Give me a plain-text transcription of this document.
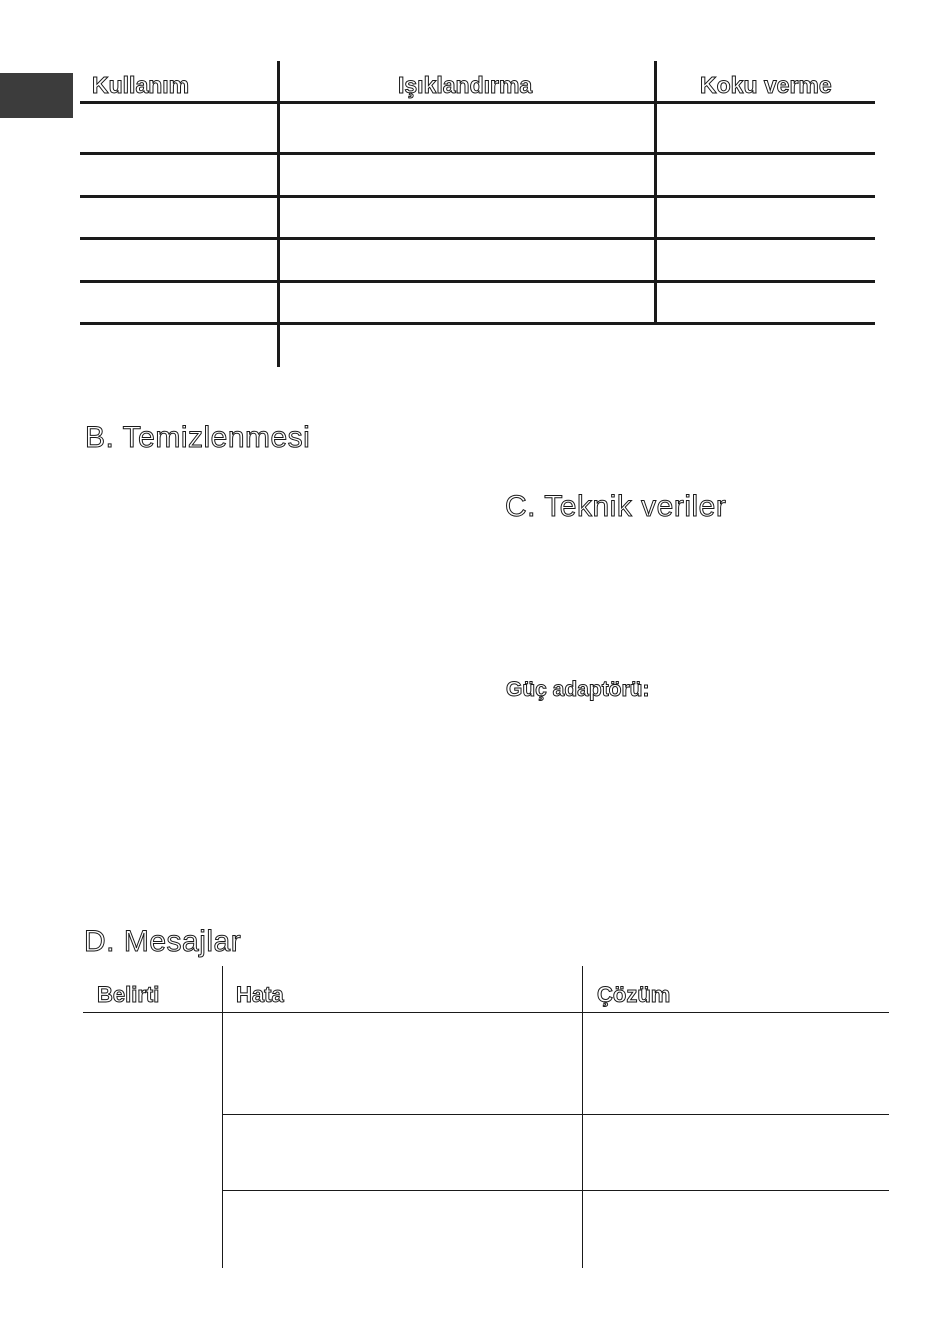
Kullanım	Işıklandırma	Koku verme
B. Temizlenmesi
C. Teknik veriler
Güç adaptörü:
D. Mesajlar
Belirti	Hata	Çözüm
